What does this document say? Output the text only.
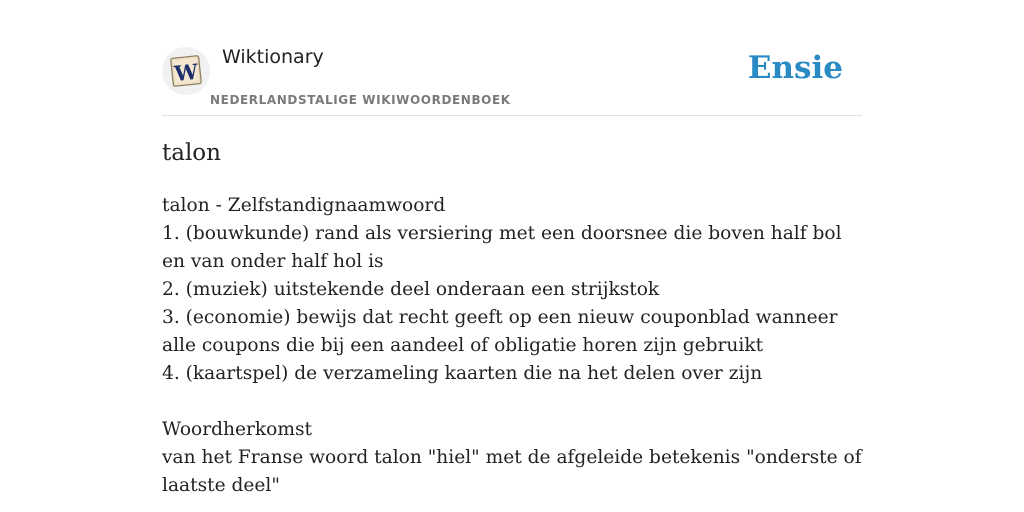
W
Wiktionary
NEDERLANDSTALIGE WIKIWOORDENBOEK
Ensie
talon
talon - Zelfstandignaamwoord
1. (bouwkunde) rand als versiering met een doorsnee die boven half bol en van onder half hol is
2. (muziek) uitstekende deel onderaan een strijkstok
3. (economie) bewijs dat recht geeft op een nieuw couponblad wanneer alle coupons die bij een aandeel of obligatie horen zijn gebruikt
4. (kaartspel) de verzameling kaarten die na het delen over zijn
Woordherkomst
van het Franse woord talon "hiel" met de afgeleide betekenis "onderste of laatste deel"
